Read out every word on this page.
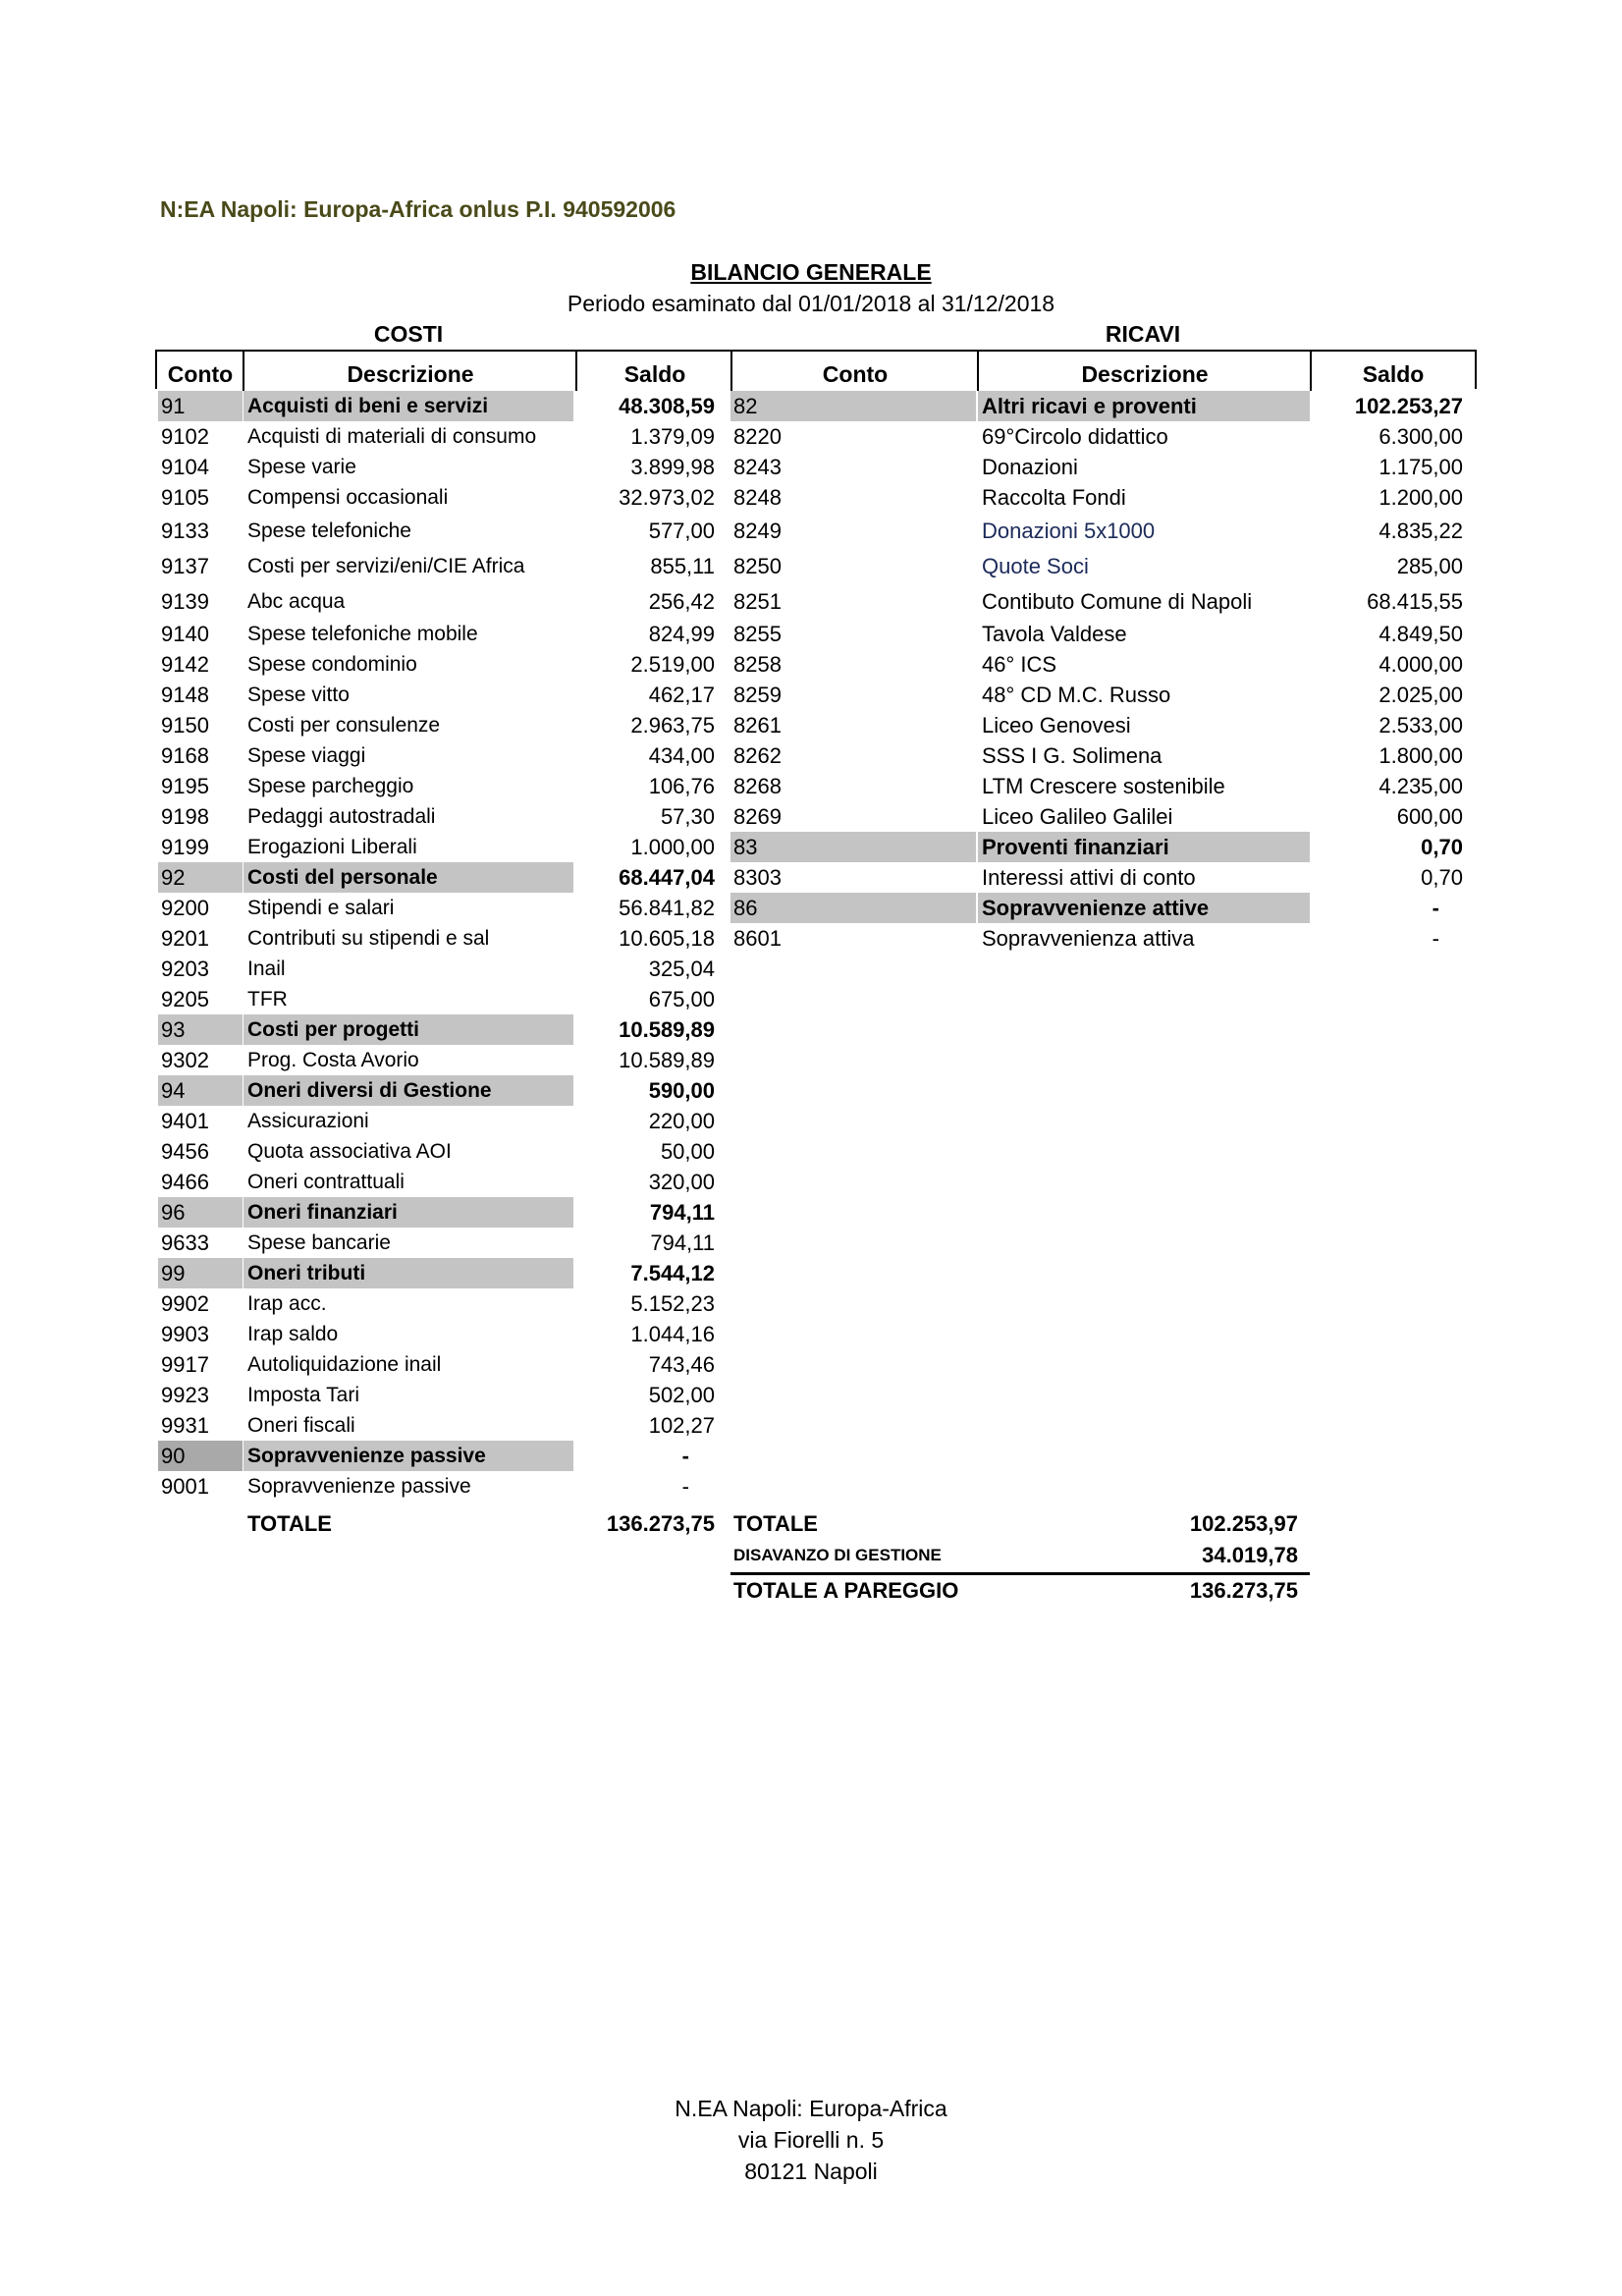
N:EA Napoli: Europa-Africa onlus P.I. 940592006
BILANCIO GENERALE
Periodo esaminato dal 01/01/2018 al 31/12/2018
COSTI	RICAVI
Conto	Descrizione	Saldo	Conto	Descrizione	Saldo
91	Acquisti di beni e servizi	48.308,59 82	Altri ricavi e proventi	102.253,27
9102	Acquisti di materiali di consumo	1.379,09 8220	69°Circolo didattico	6.300,00
9104	Spese varie	3.899,98 8243	Donazioni	1.175,00
9105	Compensi occasionali	32.973,02 8248	Raccolta Fondi	1.200,00
9133	Spese telefoniche	577,00 8249	Donazioni 5x1000	4.835,22
9137	Costi per servizi/eni/CIE Africa	855,11 8250	Quote Soci	285,00
9139	Abc acqua	256,42 8251	Contibuto Comune di Napoli	68.415,55
9140	Spese telefoniche mobile	824,99 8255	Tavola Valdese	4.849,50
9142	Spese condominio	2.519,00 8258	46° ICS	4.000,00
9148	Spese vitto	462,17 8259	48° CD M.C. Russo	2.025,00
9150	Costi per consulenze	2.963,75 8261	Liceo Genovesi	2.533,00
9168	Spese viaggi	434,00 8262	SSS I G. Solimena	1.800,00
9195	Spese parcheggio	106,76 8268	LTM Crescere sostenibile	4.235,00
9198	Pedaggi autostradali	57,30 8269	Liceo Galileo Galilei	600,00
9199	Erogazioni Liberali	1.000,00 83	Proventi finanziari	0,70
92	Costi del personale	68.447,04 8303	Interessi attivi di conto	0,70
9200	Stipendi e salari	56.841,82 86	Sopravvenienze attive	-
9201	Contributi su stipendi e sal	10.605,18 8601	Sopravvenienza attiva	-
9203	Inail	325,04
9205	TFR	675,00
93	Costi per progetti	10.589,89
9302	Prog. Costa Avorio	10.589,89
94	Oneri diversi di Gestione	590,00
9401	Assicurazioni	220,00
9456	Quota associativa AOI	50,00
9466	Oneri contrattuali	320,00
96	Oneri finanziari	794,11
9633	Spese bancarie	794,11
99	Oneri tributi	7.544,12
9902	Irap acc.	5.152,23
9903	Irap saldo	1.044,16
9917	Autoliquidazione inail	743,46
9923	Imposta Tari	502,00
9931	Oneri fiscali	102,27
90	Sopravvenienze passive	-
9001	Sopravvenienze passive	-
TOTALE	136.273,75 TOTALE	102.253,97
DISAVANZO DI GESTIONE	34.019,78
TOTALE A PAREGGIO	136.273,75
N.EA Napoli: Europa-Africa
via Fiorelli n. 5
80121 Napoli
